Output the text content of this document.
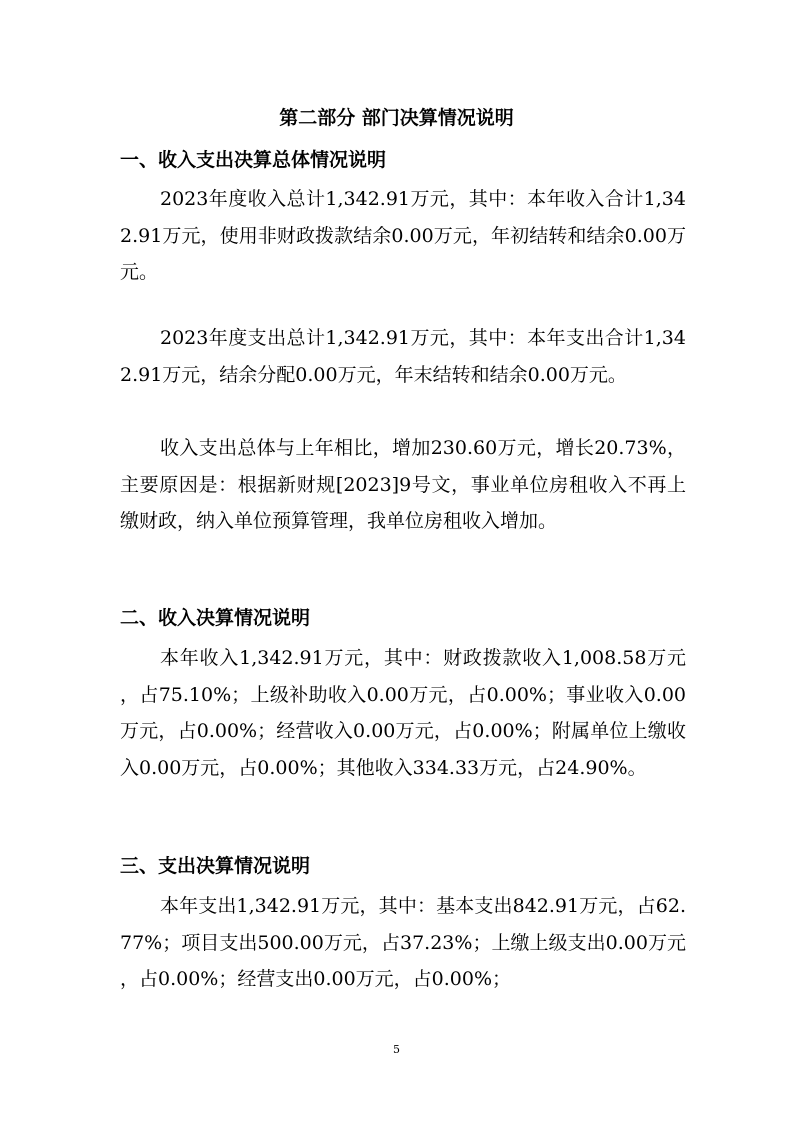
第二部分 部门决算情况说明
一、收入支出决算总体情况说明
2023年度收入总计1,342.91万元，其中：本年收入合计1,342.91万元，使用非财政拨款结余0.00万元，年初结转和结余0.00万元。
2023年度支出总计1,342.91万元，其中：本年支出合计1,342.91万元，结余分配0.00万元，年末结转和结余0.00万元。
收入支出总体与上年相比，增加230.60万元，增长20.73%，主要原因是：根据新财规[2023]9号文，事业单位房租收入不再上缴财政，纳入单位预算管理，我单位房租收入增加。
二、收入决算情况说明
本年收入1,342.91万元，其中：财政拨款收入1,008.58万元，占75.10%；上级补助收入0.00万元，占0.00%；事业收入0.00万元，占0.00%；经营收入0.00万元，占0.00%；附属单位上缴收入0.00万元，占0.00%；其他收入334.33万元，占24.90%。
三、支出决算情况说明
本年支出1,342.91万元，其中：基本支出842.91万元，占62.77%；项目支出500.00万元，占37.23%；上缴上级支出0.00万元，占0.00%；经营支出0.00万元，占0.00%；
5
